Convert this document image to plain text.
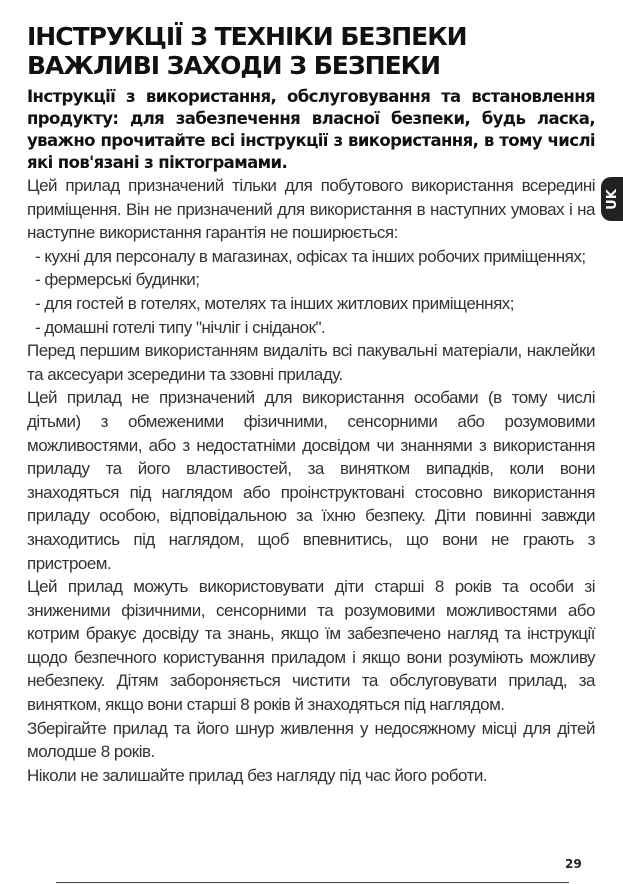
ІНСТРУКЦІЇ З ТЕХНІКИ БЕЗПЕКИ
ВАЖЛИВІ ЗАХОДИ З БЕЗПЕКИ

Інструкції з використання, обслуговування та встановлення продукту: для забезпечення власної безпеки, будь ласка, уважно прочитайте всі інструкції з використання, в тому числі які пов'язані з піктограмами.

Цей прилад призначений тільки для побутового використання всередині приміщення. Він не призначений для використання в наступних умовах і на наступне використання гарантія не поширюється:

- кухні для персоналу в магазинах, офісах та інших робочих приміщеннях;
- фермерські будинки;
- для гостей в готелях, мотелях та інших житлових приміщеннях;
- домашні готелі типу "нічліг і сніданок".

Перед першим використанням видаліть всі пакувальні матеріали, наклейки та аксесуари зсередини та ззовні приладу.

Цей прилад не призначений для використання особами (в тому числі дітьми) з обмеженими фізичними, сенсорними або розумовими можливостями, або з недостатніми досвідом чи знаннями з використання приладу та його властивостей, за винятком випадків, коли вони знаходяться під наглядом або проінструктовані стосовно використання приладу особою, відповідальною за їхню безпеку. Діти повинні завжди знаходитись під наглядом, щоб впевнитись, що вони не грають з пристроем.

Цей прилад можуть використовувати діти старші 8 років та особи зі зниженими фізичними, сенсорними та розумовими можливостями або котрим бракує досвіду та знань, якщо їм забезпечено нагляд та інструкції щодо безпечного користування приладом і якщо вони розуміють можливу небезпеку. Дітям забороняється чистити та обслуговувати прилад, за винятком, якщо вони старші 8 років й знаходяться під наглядом.

Зберігайте прилад та його шнур живлення у недосяжному місці для дітей молодше 8 років.

Ніколи не залишайте прилад без нагляду під час його роботи.

UK
29
